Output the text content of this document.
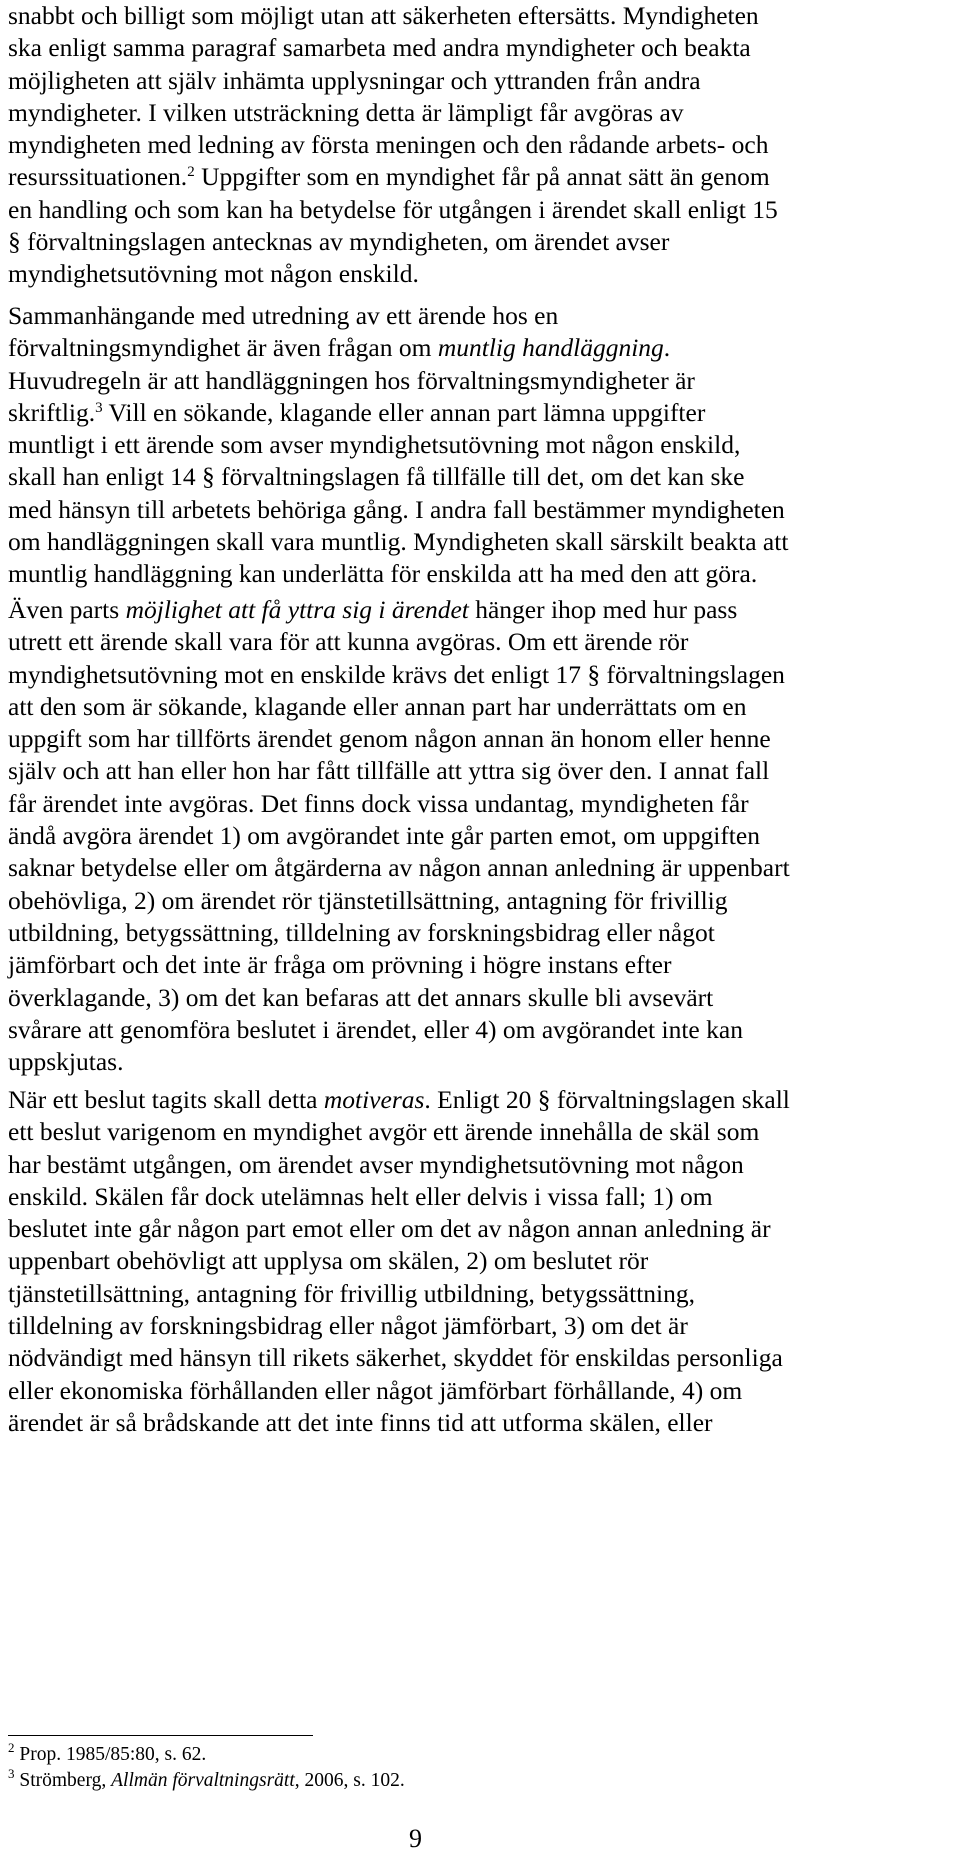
snabbt och billigt som möjligt utan att säkerheten eftersätts. Myndigheten
ska enligt samma paragraf samarbeta med andra myndigheter och beakta
möjligheten att själv inhämta upplysningar och yttranden från andra
myndigheter. I vilken utsträckning detta är lämpligt får avgöras av
myndigheten med ledning av första meningen och den rådande arbets- och
resurssituationen.$^2$ Uppgifter som en myndighet får på annat sätt än genom
en handling och som kan ha betydelse för utgången i ärendet skall enligt 15
§ förvaltningslagen antecknas av myndigheten, om ärendet avser
myndighetsutövning mot någon enskild.

Sammanhängande med utredning av ett ärende hos en
förvaltningsmyndighet är även frågan om muntlig handläggning.
Huvudregeln är att handläggningen hos förvaltningsmyndigheter är
skriftlig.$^3$ Vill en sökande, klagande eller annan part lämna uppgifter
muntligt i ett ärende som avser myndighetsutövning mot någon enskild,
skall han enligt 14 § förvaltningslagen få tillfälle till det, om det kan ske
med hänsyn till arbetets behöriga gång. I andra fall bestämmer myndigheten
om handläggningen skall vara muntlig. Myndigheten skall särskilt beakta att
muntlig handläggning kan underlätta för enskilda att ha med den att göra.

Även parts möjlighet att få yttra sig i ärendet hänger ihop med hur pass
utrett ett ärende skall vara för att kunna avgöras. Om ett ärende rör
myndighetsutövning mot en enskilde krävs det enligt 17 § förvaltningslagen
att den som är sökande, klagande eller annan part har underrättats om en
uppgift som har tillförts ärendet genom någon annan än honom eller henne
själv och att han eller hon har fått tillfälle att yttra sig över den. I annat fall
får ärendet inte avgöras. Det finns dock vissa undantag, myndigheten får
ändå avgöra ärendet 1) om avgörandet inte går parten emot, om uppgiften
saknar betydelse eller om åtgärderna av någon annan anledning är uppenbart
obehövliga, 2) om ärendet rör tjänstetillsättning, antagning för frivillig
utbildning, betygssättning, tilldelning av forskningsbidrag eller något
jämförbart och det inte är fråga om prövning i högre instans efter
överklagande, 3) om det kan befaras att det annars skulle bli avsevärt
svårare att genomföra beslutet i ärendet, eller 4) om avgörandet inte kan
uppskjutas.

När ett beslut tagits skall detta motiveras. Enligt 20 § förvaltningslagen skall
ett beslut varigenom en myndighet avgör ett ärende innehålla de skäl som
har bestämt utgången, om ärendet avser myndighetsutövning mot någon
enskild. Skälen får dock utelämnas helt eller delvis i vissa fall; 1) om
beslutet inte går någon part emot eller om det av någon annan anledning är
uppenbart obehövligt att upplysa om skälen, 2) om beslutet rör
tjänstetillsättning, antagning för frivillig utbildning, betygssättning,
tilldelning av forskningsbidrag eller något jämförbart, 3) om det är
nödvändigt med hänsyn till rikets säkerhet, skyddet för enskildas personliga
eller ekonomiska förhållanden eller något jämförbart förhållande, 4) om
ärendet är så brådskande att det inte finns tid att utforma skälen, eller

$^2$ Prop. 1985/85:80, s. 62.
$^3$ Strömberg, Allmän förvaltningsrätt, 2006, s. 102.
9
